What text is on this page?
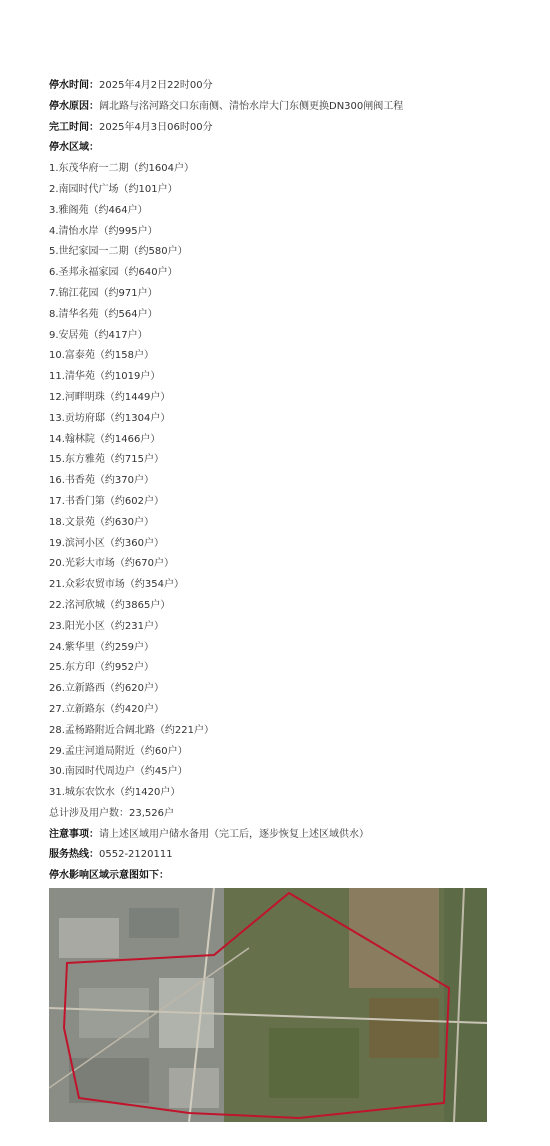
停水时间：2025年4月2日22时00分
停水原因：阔北路与洺河路交口东南侧、清怡水岸大门东侧更换DN300闸阀工程
完工时间：2025年4月3日06时00分
停水区域：
1.东茂华府一二期（约1604户）
2.南园时代广场（约101户）
3.雅阁苑（约464户）
4.清怡水岸（约995户）
5.世纪家园一二期（约580户）
6.圣邦永福家园（约640户）
7.锦江花园（约971户）
8.清华名苑（约564户）
9.安居苑（约417户）
10.富泰苑（约158户）
11.清华苑（约1019户）
12.河畔明珠（约1449户）
13.贡坊府邸（约1304户）
14.翰林院（约1466户）
15.东方雅苑（约715户）
16.书香苑（约370户）
17.书香门第（约602户）
18.文景苑（约630户）
19.滨河小区（约360户）
20.光彩大市场（约670户）
21.众彩农贸市场（约354户）
22.洺河欣城（约3865户）
23.阳光小区（约231户）
24.紫华里（约259户）
25.东方印（约952户）
26.立新路西（约620户）
27.立新路东（约420户）
28.孟杨路附近合阔北路（约221户）
29.孟庄河道局附近（约60户）
30.南园时代周边户（约45户）
31.城东农饮水（约1420户）
总计涉及用户数：23,526户
注意事项：请上述区域用户储水备用（完工后，逐步恢复上述区域供水）
服务热线：0552-2120111
停水影响区域示意图如下：
